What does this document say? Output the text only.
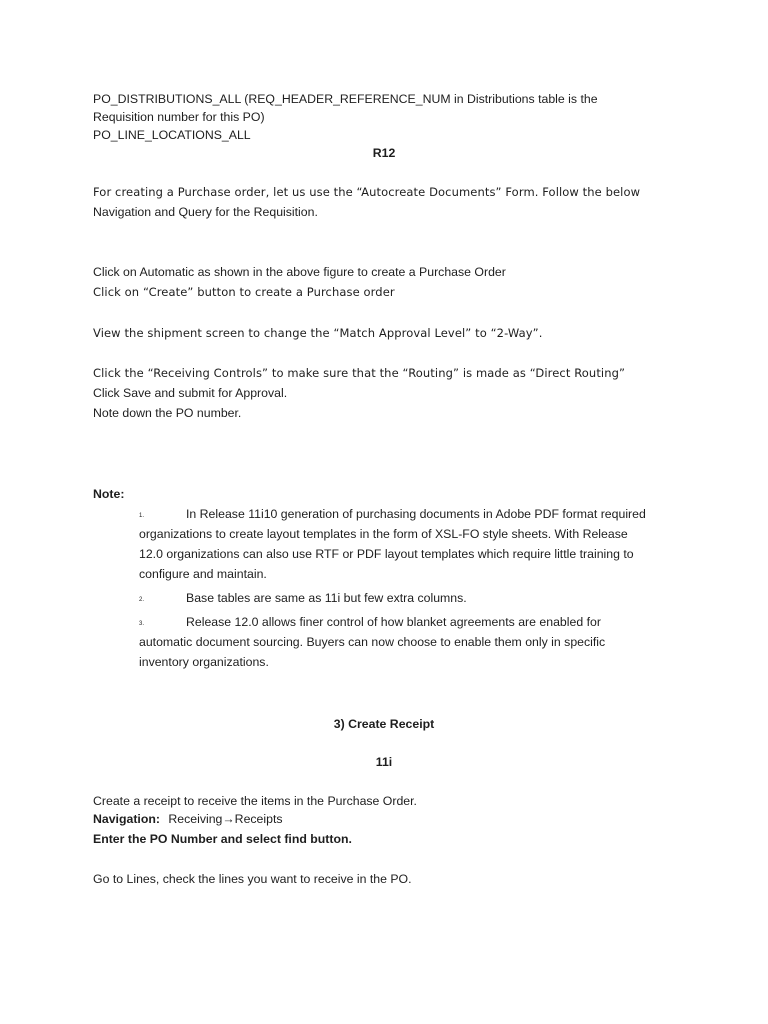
PO_DISTRIBUTIONS_ALL (REQ_HEADER_REFERENCE_NUM in Distributions table is the
Requisition number for this PO)
PO_LINE_LOCATIONS_ALL
R12
For creating a Purchase order, let us use the “Autocreate Documents” Form. Follow the below
Navigation and Query for the Requisition.
Click on Automatic as shown in the above figure to create a Purchase Order
Click on “Create” button to create a Purchase order
View the shipment screen to change the “Match Approval Level” to “2-Way”.
Click the “Receiving Controls” to make sure that the “Routing” is made as “Direct Routing”
Click Save and submit for Approval.
Note down the PO number.
Note:
1.	In Release 11i10 generation of purchasing documents in Adobe PDF format required
organizations to create layout templates in the form of XSL-FO style sheets. With Release
12.0 organizations can also use RTF or PDF layout templates which require little training to
configure and maintain.
2.	Base tables are same as 11i but few extra columns.
3.	Release 12.0 allows finer control of how blanket agreements are enabled for
automatic document sourcing. Buyers can now choose to enable them only in specific
inventory organizations.
3) Create Receipt
11i
Create a receipt to receive the items in the Purchase Order.
Navigation: Receiving→Receipts
Enter the PO Number and select find button.
Go to Lines, check the lines you want to receive in the PO.
